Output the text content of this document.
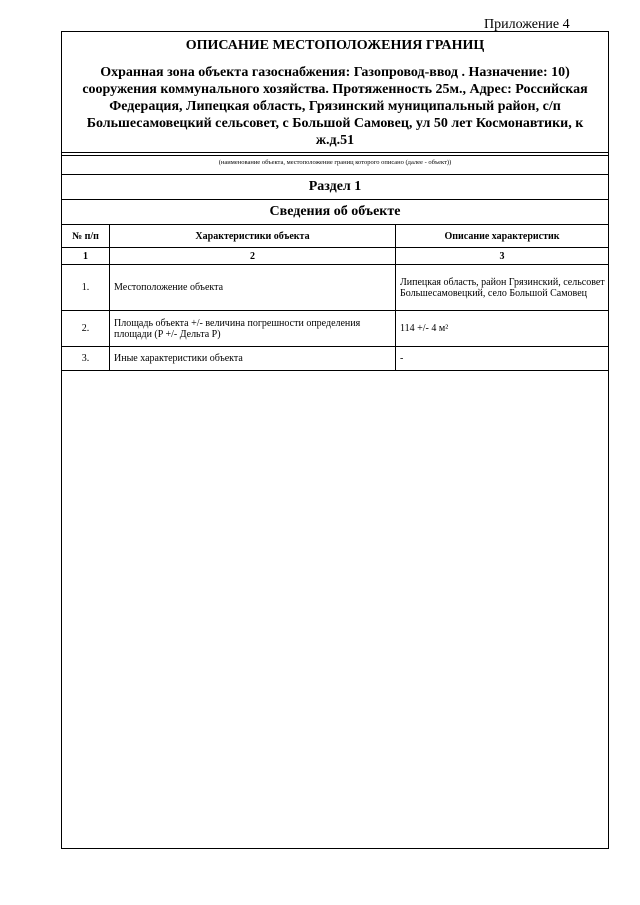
Приложение 4
ОПИСАНИЕ МЕСТОПОЛОЖЕНИЯ ГРАНИЦ
Охранная зона объекта газоснабжения: Газопровод-ввод . Назначение: 10) сооружения коммунального хозяйства. Протяженность 25м., Адрес: Российская Федерация, Липецкая область, Грязинский муниципальный район, с/п Большесамовецкий сельсовет, с Большой Самовец, ул 50 лет Космонавтики, к ж.д.51
(наименование объекта, местоположение границ которого описано (далее - объект))
Раздел 1
Сведения об объекте
№ п/п	Характеристики объекта	Описание характеристик
1	2	3
1.	Местоположение объекта	Липецкая область, район Грязинский, сельсовет Большесамовецкий, село Большой Самовец
2.	Площадь объекта +/- величина погрешности определения площади (P +/- Дельта P)	114 +/- 4 м²
3.	Иные характеристики объекта	-
